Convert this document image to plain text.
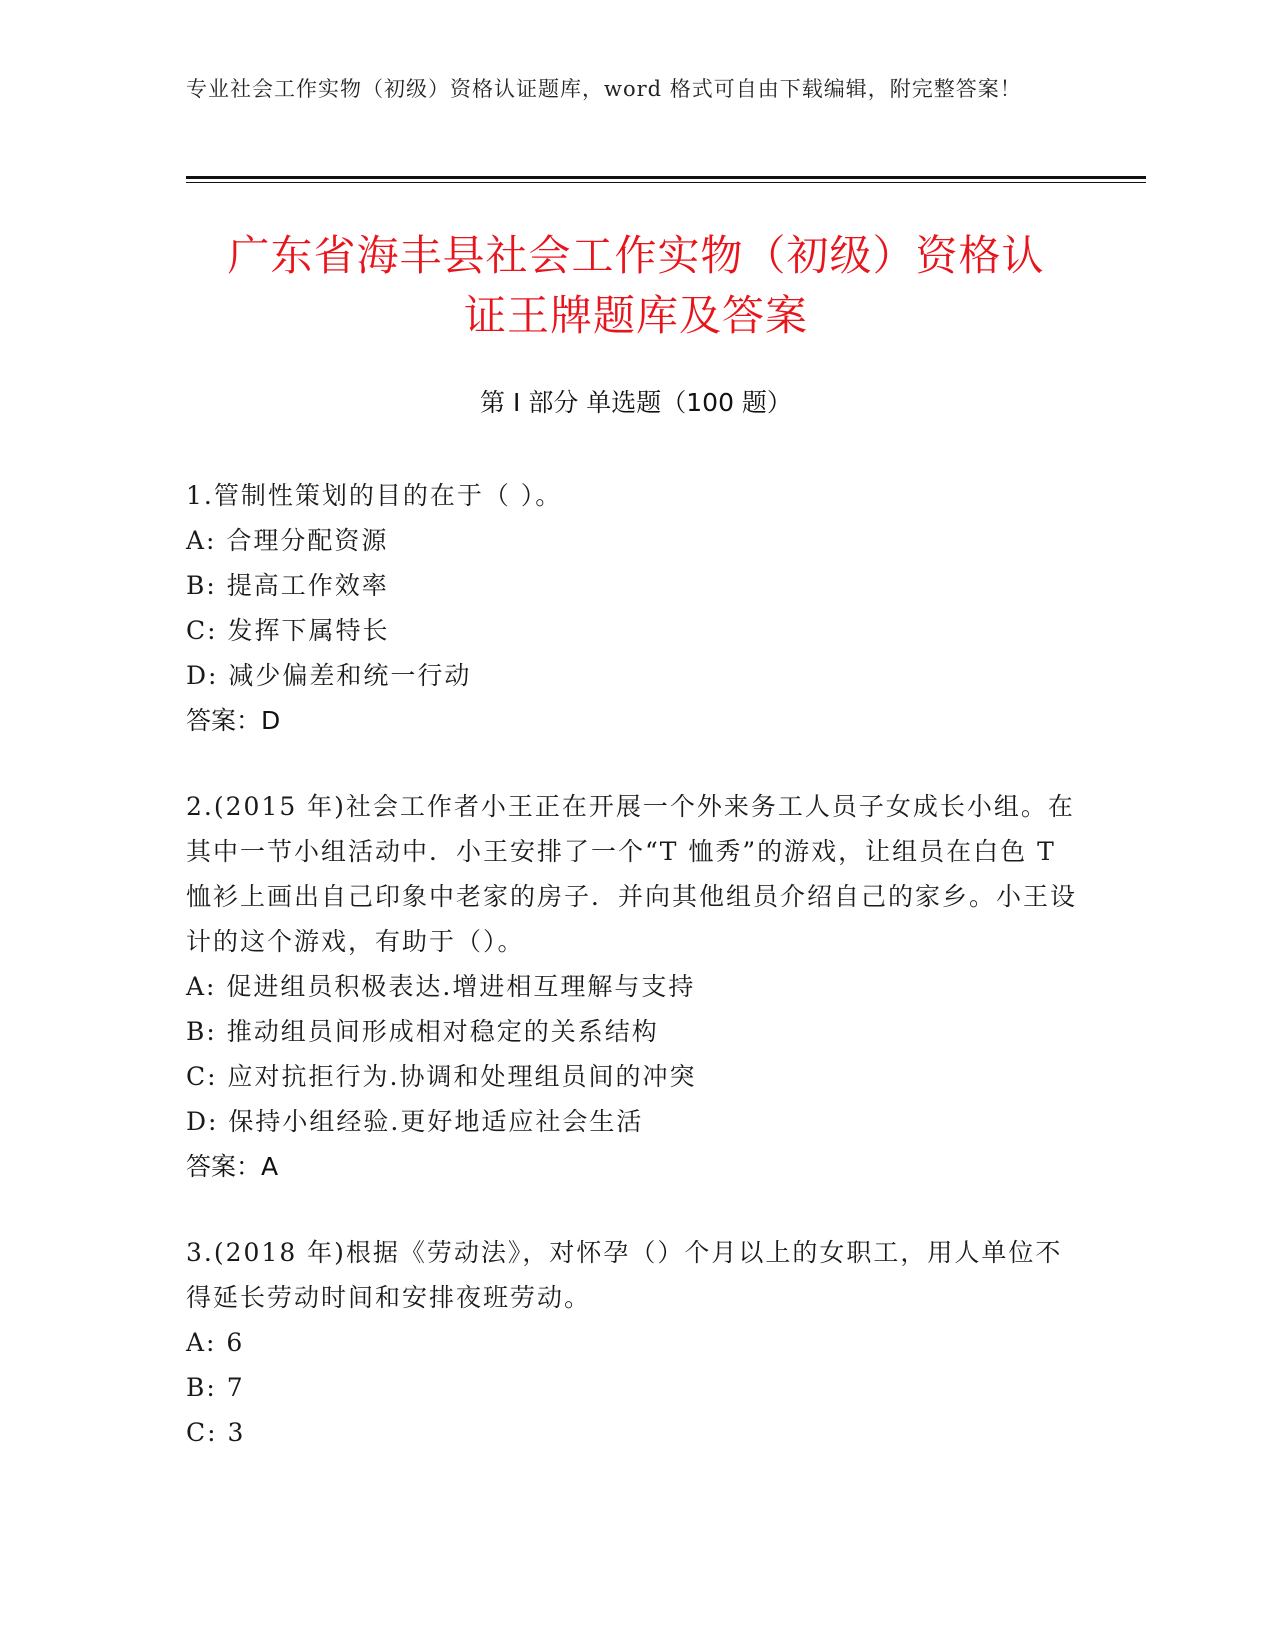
专业社会工作实物（初级）资格认证题库，word 格式可自由下载编辑，附完整答案！
广东省海丰县社会工作实物（初级）资格认
证王牌题库及答案
第 I 部分 单选题（100 题）

1.管制性策划的目的在于（ ）。

A: 合理分配资源
B: 提高工作效率
C: 发挥下属特长
D: 减少偏差和统一行动
答案：D

2.(2015 年)社会工作者小王正在开展一个外来务工人员子女成长小组。在其中一节小组活动中．小王安排了一个“T 恤秀”的游戏，让组员在白色 T 恤衫上画出自己印象中老家的房子．并向其他组员介绍自己的家乡。小王设计的这个游戏，有助于（）。

A: 促进组员积极表达.增进相互理解与支持
B: 推动组员间形成相对稳定的关系结构
C: 应对抗拒行为.协调和处理组员间的冲突
D: 保持小组经验.更好地适应社会生活
答案：A

3.(2018 年)根据《劳动法》，对怀孕（）个月以上的女职工，用人单位不得延长劳动时间和安排夜班劳动。

A: 6
B: 7
C: 3
